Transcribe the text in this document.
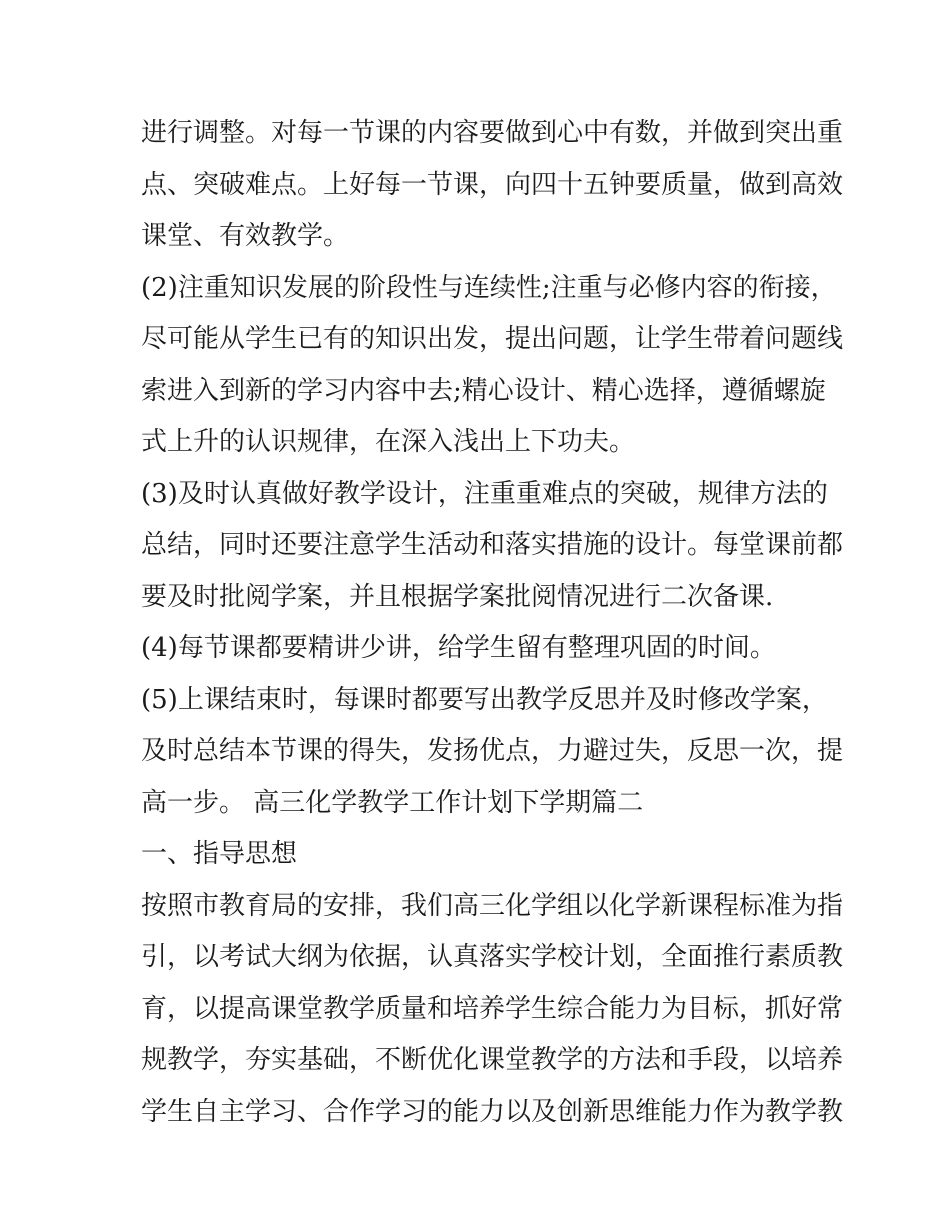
进行调整。对每一节课的内容要做到心中有数，并做到突出重
点、突破难点。上好每一节课，向四十五钟要质量，做到高效
课堂、有效教学。

(2)注重知识发展的阶段性与连续性;注重与必修内容的衔接，
尽可能从学生已有的知识出发，提出问题，让学生带着问题线
索进入到新的学习内容中去;精心设计、精心选择，遵循螺旋
式上升的认识规律，在深入浅出上下功夫。

(3)及时认真做好教学设计，注重重难点的突破，规律方法的
总结，同时还要注意学生活动和落实措施的设计。每堂课前都
要及时批阅学案，并且根据学案批阅情况进行二次备课.

(4)每节课都要精讲少讲，给学生留有整理巩固的时间。

(5)上课结束时，每课时都要写出教学反思并及时修改学案，
及时总结本节课的得失，发扬优点，力避过失，反思一次，提
高一步。 高三化学教学工作计划下学期篇二

一、指导思想

按照市教育局的安排，我们高三化学组以化学新课程标准为指
引，以考试大纲为依据，认真落实学校计划，全面推行素质教
育，以提高课堂教学质量和培养学生综合能力为目标，抓好常
规教学，夯实基础，不断优化课堂教学的方法和手段，以培养
学生自主学习、合作学习的能力以及创新思维能力作为教学教
